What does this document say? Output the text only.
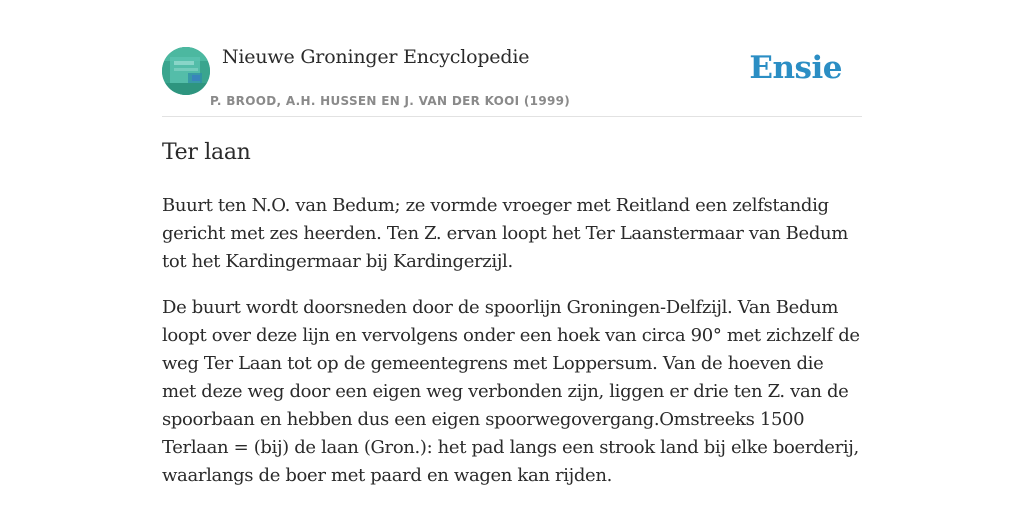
Nieuwe Groninger Encyclopedie
P. BROOD, A.H. HUSSEN EN J. VAN DER KOOI (1999)
Ensie
Ter laan

Buurt ten N.O. van Bedum; ze vormde vroeger met Reitland een zelfstandig gericht met zes heerden. Ten Z. ervan loopt het Ter Laanstermaar van Bedum tot het Kardingermaar bij Kardingerzijl.

De buurt wordt doorsneden door de spoorlijn Groningen-Delfzijl. Van Bedum loopt over deze lijn en vervolgens onder een hoek van circa 90° met zichzelf de weg Ter Laan tot op de gemeentegrens met Loppersum. Van de hoeven die met deze weg door een eigen weg verbonden zijn, liggen er drie ten Z. van de spoorbaan en hebben dus een eigen spoorwegovergang.Omstreeks 1500 Terlaan = (bij) de laan (Gron.): het pad langs een strook land bij elke boerderij, waarlangs de boer met paard en wagen kan rijden.
